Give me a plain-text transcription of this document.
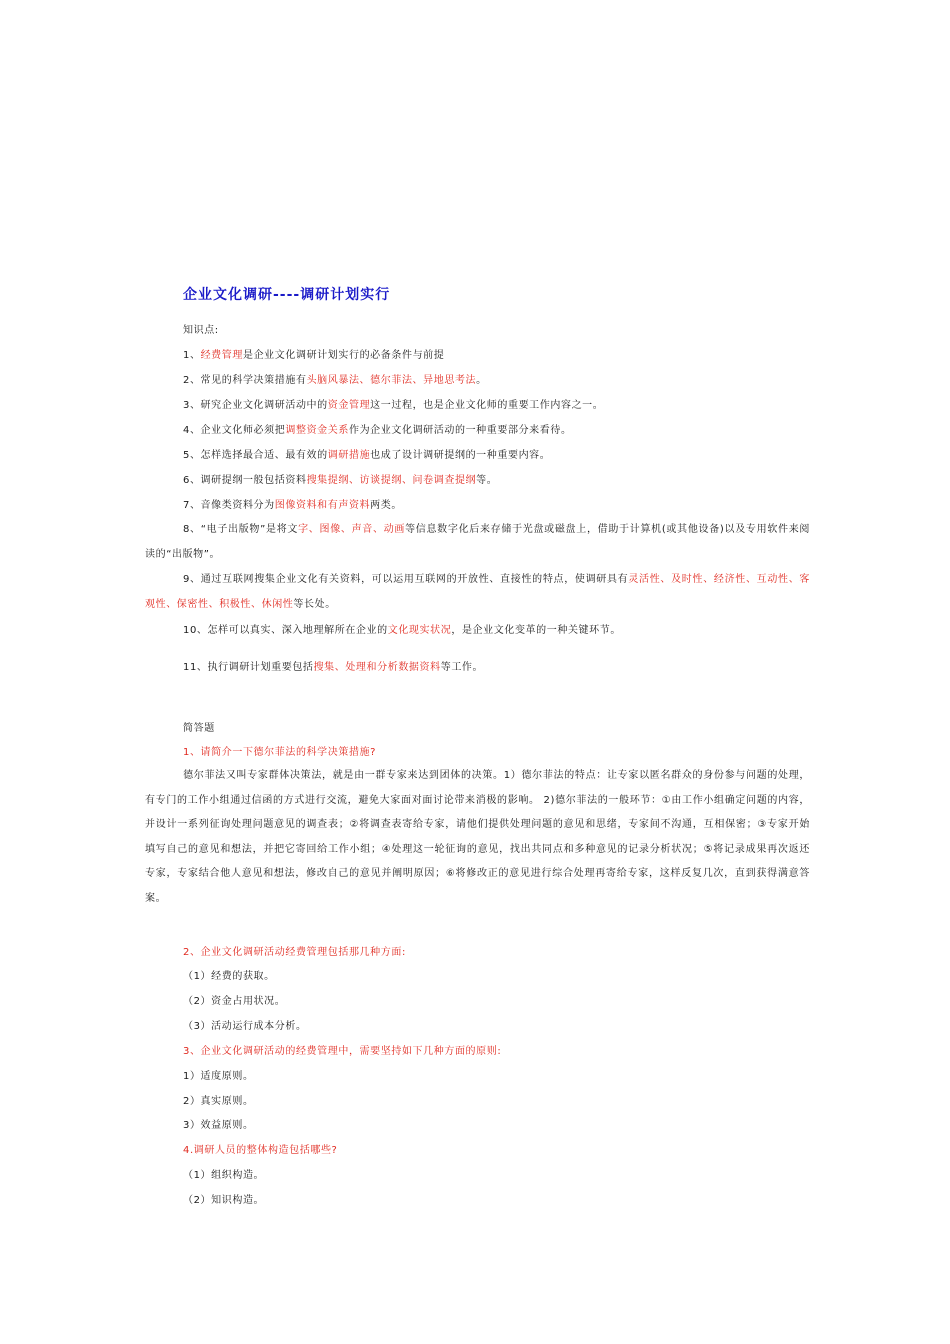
企业文化调研----调研计划实行
知识点:
1、经费管理是企业文化调研计划实行的必备条件与前提
2、常见的科学决策措施有头脑风暴法、德尔菲法、异地思考法。
3、研究企业文化调研活动中的资金管理这一过程，也是企业文化师的重要工作内容之一。
4、企业文化师必须把调整资金关系作为企业文化调研活动的一种重要部分来看待。
5、怎样选择最合适、最有效的调研措施也成了设计调研提纲的一种重要内容。
6、调研提纲一般包括资料搜集提纲、访谈提纲、问卷调查提纲等。
7、音像类资料分为图像资料和有声资料两类。
8、“电子出版物”是将文字、图像、声音、动画等信息数字化后来存储于光盘或磁盘上，借助于计算机(或其他设备)以及专用软件来阅读的“出版物”。
9、通过互联网搜集企业文化有关资料，可以运用互联网的开放性、直接性的特点，使调研具有灵活性、及时性、经济性、互动性、客观性、保密性、积极性、休闲性等长处。
10、怎样可以真实、深入地理解所在企业的文化现实状况，是企业文化变革的一种关键环节。
11、执行调研计划重要包括搜集、处理和分析数据资料等工作。
简答题
1、请简介一下德尔菲法的科学决策措施?
德尔菲法又叫专家群体决策法，就是由一群专家来达到团体的决策。1）德尔菲法的特点：让专家以匿名群众的身份参与问题的处理，有专门的工作小组通过信函的方式进行交流，避免大家面对面讨论带来消极的影响。 2)德尔菲法的一般环节：①由工作小组确定问题的内容，并设计一系列征询处理问题意见的调查表；②将调查表寄给专家，请他们提供处理问题的意见和思绪，专家间不沟通，互相保密；③专家开始填写自己的意见和想法，并把它寄回给工作小组；④处理这一轮征询的意见，找出共同点和多种意见的记录分析状况；⑤将记录成果再次返还专家，专家结合他人意见和想法，修改自己的意见并阐明原因；⑥将修改正的意见进行综合处理再寄给专家，这样反复几次，直到获得满意答案。
2、企业文化调研活动经费管理包括那几种方面:
（1）经费的获取。
（2）资金占用状况。
（3）活动运行成本分析。
3、企业文化调研活动的经费管理中，需要坚持如下几种方面的原则:
1）适度原则。
2）真实原则。
3）效益原则。
4.调研人员的整体构造包括哪些?
（1）组织构造。
（2）知识构造。
